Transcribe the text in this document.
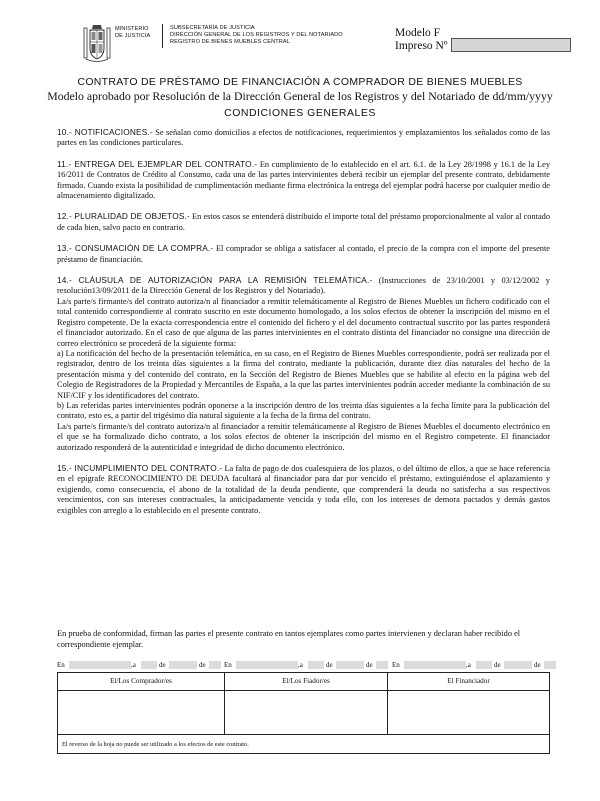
MINISTERIO
DE JUSTICIA
SUBSECRETARÍA DE JUSTICIA
DIRECCIÓN GENERAL DE LOS REGISTROS Y DEL NOTARIADO
REGISTRO DE BIENES MUEBLES CENTRAL
Modelo F
Impreso Nº
CONTRATO DE PRÉSTAMO DE FINANCIACIÓN A COMPRADOR DE BIENES MUEBLES
Modelo aprobado por Resolución de la Dirección General de los Registros y del Notariado de dd/mm/yyyy
CONDICIONES GENERALES

10.- NOTIFICACIONES.- Se señalan como domicilios a efectos de notificaciones, requerimientos y emplazamientos los señalados como de las partes en las condiciones particulares.

11.- ENTREGA DEL EJEMPLAR DEL CONTRATO.- En cumplimiento de lo establecido en el art. 6.1. de la Ley 28/1998 y 16.1 de la Ley 16/2011 de Contratos de Crédito al Consumo, cada una de las partes intervinientes deberá recibir un ejemplar del presente contrato, debidamente firmado. Cuando exista la posibilidad de cumplimentación mediante firma electrónica la entrega del ejemplar podrá hacerse por cualquier medio de almacenamiento digitalizado.

12.- PLURALIDAD DE OBJETOS.- En estos casos se entenderá distribuido el importe total del préstamo proporcionalmente al valor al contado de cada bien, salvo pacto en contrario.

13.- CONSUMACIÓN DE LA COMPRA.- El comprador se obliga a satisfacer al contado, el precio de la compra con el importe del presente préstamo de financiación.

14.- CLÁUSULA DE AUTORIZACIÓN PARA LA REMISIÓN TELEMÁTICA.- (Instrucciones de 23/10/2001 y 03/12/2002 y resolución13/09/2011 de la Dirección General de los Registros y del Notariado).

La/s parte/s firmante/s del contrato autoriza/n al financiador a remitir telemáticamente al Registro de Bienes Muebles un fichero codificado con el total contenido correspondiente al contrato suscrito en este documento homologado, a los solos efectos de obtener la inscripción del mismo en el Registro competente. De la exacta correspondencia entre el contenido del fichero y el del documento contractual suscrito por las partes responderá el financiador autorizado. En el caso de que alguna de las partes intervinientes en el contrato distinta del financiador no consigne una dirección de correo electrónico se procederá de la siguiente forma:

a) La notificación del hecho de la presentación telemática, en su caso, en el Registro de Bienes Muebles correspondiente, podrá ser realizada por el registrador, dentro de los treinta días siguientes a la firma del contrato, mediante la publicación, durante diez días naturales del hecho de la presentación misma y del contenido del contrato, en la Sección del Registro de Bienes Muebles que se habilite al efecto en la página web del Colegio de Registradores de la Propiedad y Mercantiles de España, a la que las partes intervinientes podrán acceder mediante la combinación de su NIF/CIF y los identificadores del contrato.

b) Las referidas partes intervinientes podrán oponerse a la inscripción dentro de los treinta días siguientes a la fecha límite para la publicación del contrato, esto es, a partir del trigésimo día natural siguiente a la fecha de la firma del contrato.

La/s parte/s firmante/s del contrato autoriza/n al financiador a remitir telemáticamente al Registro de Bienes Muebles el documento electrónico en el que se ha formalizado dicho contrato, a los solos efectos de obtener la inscripción del mismo en el Registro competente. El financiador autorizado responderá de la autenticidad e integridad de dicho documento electrónico.

15.- INCUMPLIMIENTO DEL CONTRATO.- La falta de pago de dos cualesquiera de los plazos, o del último de ellos, a que se hace referencia en el epígrafe RECONOCIMIENTO DE DEUDA facultará al financiador para dar por vencido el préstamo, extinguiéndose el aplazamiento y exigiendo, como consecuencia, el abono de la totalidad de la deuda pendiente, que comprenderá la deuda no satisfecha a sus respectivos vencimientos, con sus intereses contractuales, la anticipadamente vencida y toda ello, con los intereses de demora pactados y demás gastos exigibles con arreglo a lo establecido en el presente contrato.

En prueba de conformidad, firman las partes el presente contrato en tantos ejemplares como partes intervienen y declaran haber recibido el correspondiente ejemplar.
En	,a	de	de	En	,a	de	de	En	,a	de	de
El/Los Comprador/es	El/Los Fiador/es	El Financiador
El reverso de la hoja no puede ser utilizado a los efectos de este contrato.
